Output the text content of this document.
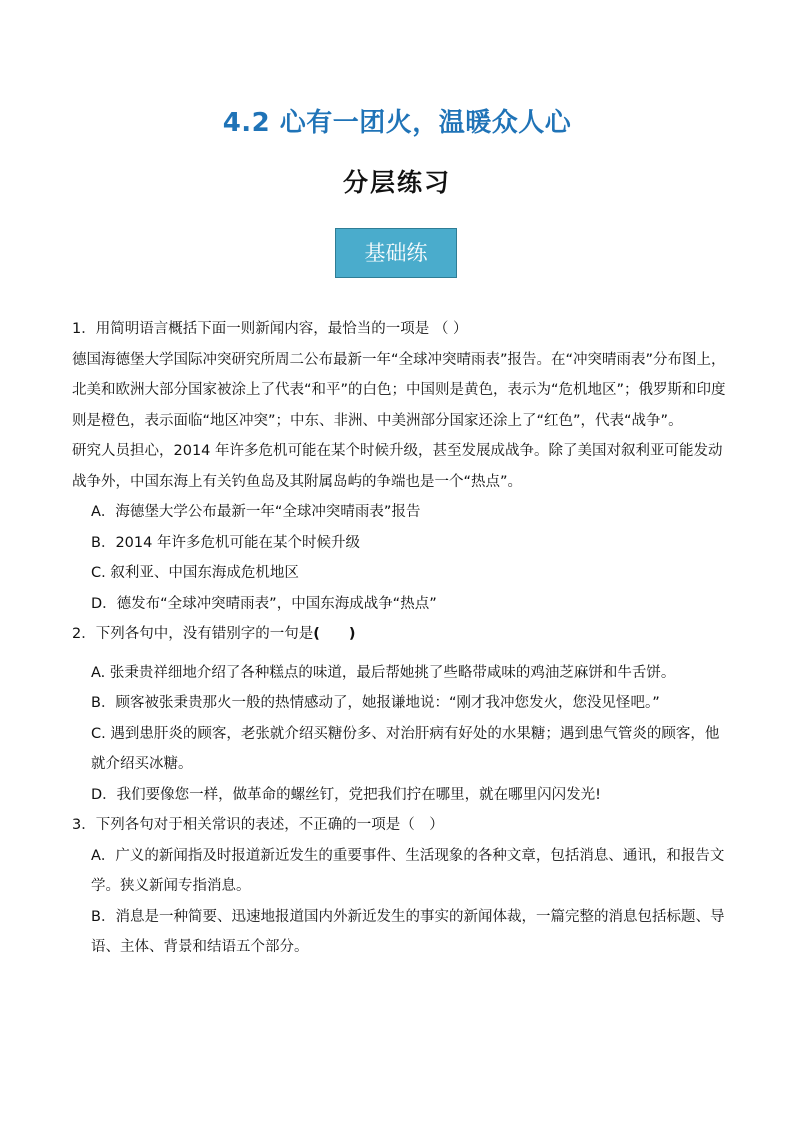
4.2 心有一团火，温暖众人心
分层练习
基础练

1．用简明语言概括下面一则新闻内容，最恰当的一项是 （ ）

德国海德堡大学国际冲突研究所周二公布最新一年“全球冲突晴雨表”报告。在“冲突晴雨表”分布图上，北美和欧洲大部分国家被涂上了代表“和平”的白色；中国则是黄色，表示为“危机地区”；俄罗斯和印度则是橙色，表示面临“地区冲突”；中东、非洲、中美洲部分国家还涂上了“红色”，代表“战争”。

研究人员担心，2014 年许多危机可能在某个时候升级，甚至发展成战争。除了美国对叙利亚可能发动战争外，中国东海上有关钓鱼岛及其附属岛屿的争端也是一个“热点”。

A．海德堡大学公布最新一年“全球冲突晴雨表”报告

B．2014 年许多危机可能在某个时候升级

C. 叙利亚、中国东海成危机地区

D．德发布“全球冲突晴雨表”，中国东海成战争“热点”

2．下列各句中，没有错别字的一句是(　　)

A. 张秉贵祥细地介绍了各种糕点的味道，最后帮她挑了些略带咸味的鸡油芝麻饼和牛舌饼。

B．顾客被张秉贵那火一般的热情感动了，她报谦地说：“刚才我冲您发火，您没见怪吧。”

C. 遇到患肝炎的顾客，老张就介绍买糖份多、对治肝病有好处的水果糖；遇到患气管炎的顾客，他就介绍买冰糖。

D．我们要像您一样，做革命的螺丝钉，党把我们拧在哪里，就在哪里闪闪发光!

3．下列各句对于相关常识的表述，不正确的一项是（　）

A．广义的新闻指及时报道新近发生的重要事件、生活现象的各种文章，包括消息、通讯，和报告文学。狭义新闻专指消息。

B．消息是一种简要、迅速地报道国内外新近发生的事实的新闻体裁，一篇完整的消息包括标题、导语、主体、背景和结语五个部分。
